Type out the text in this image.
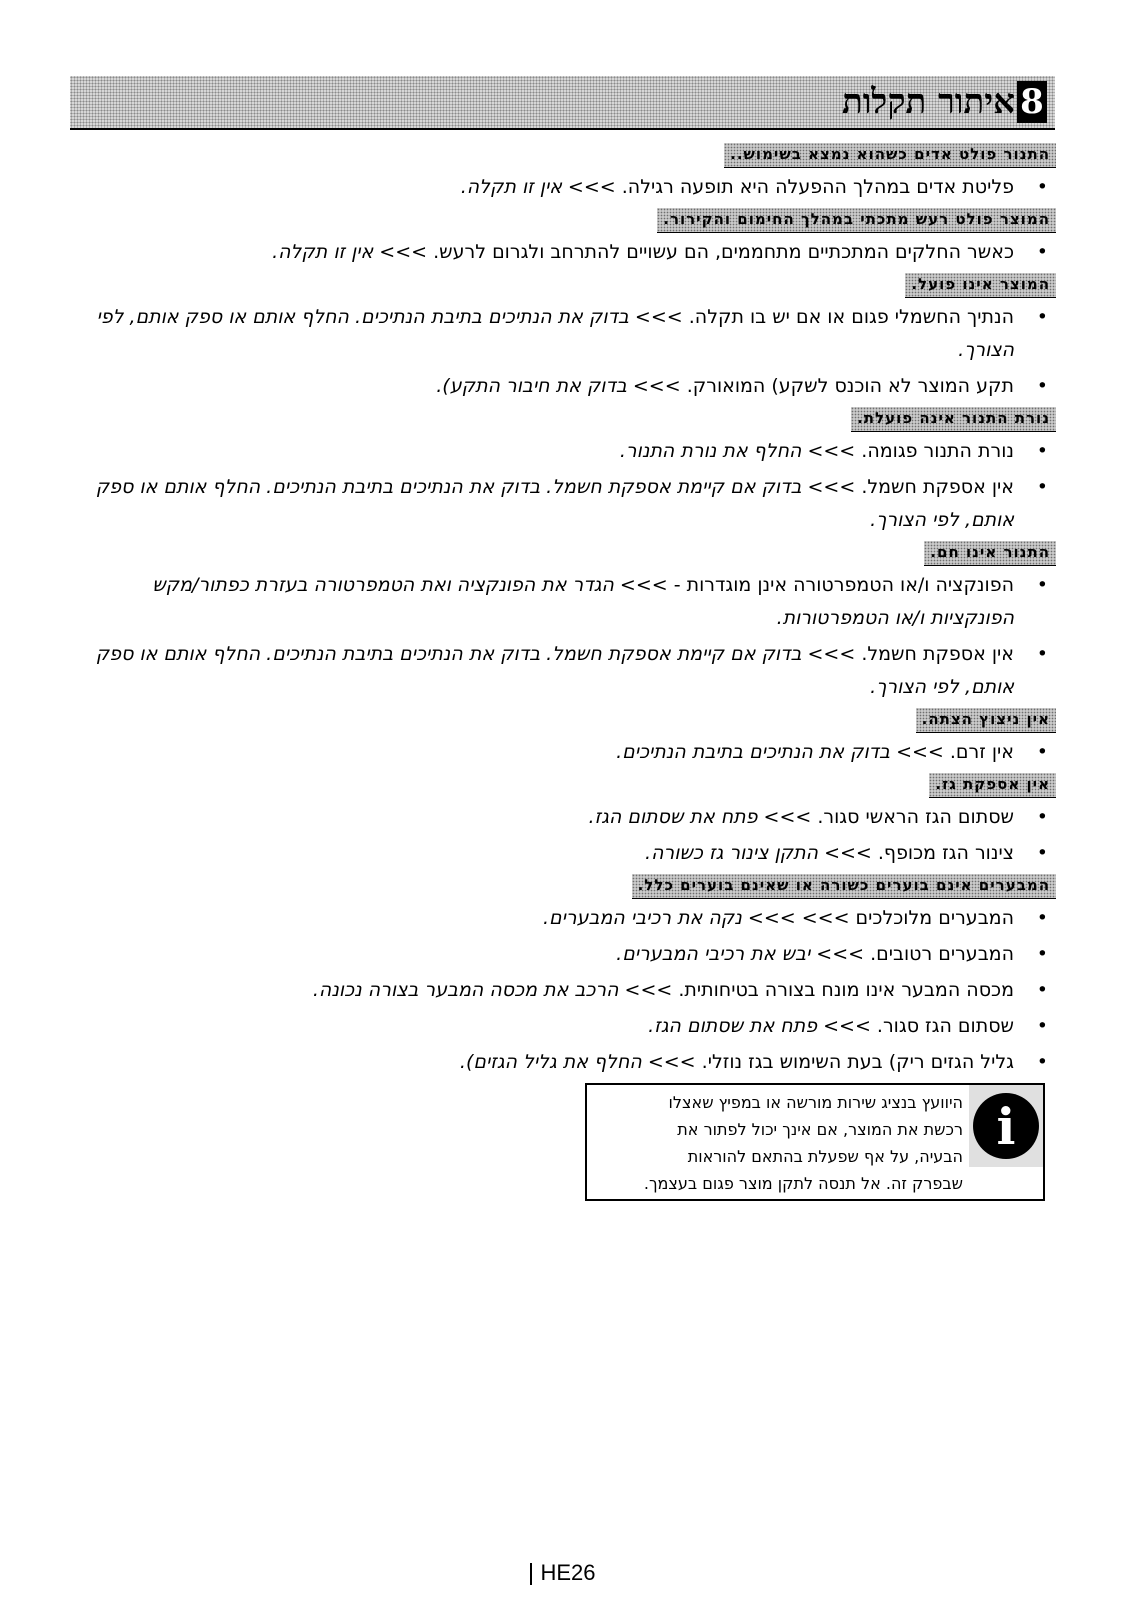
8
איתור תקלות
התנור פולט אדים כשהוא נמצא בשימוש..
•
פליטת אדים במהלך ההפעלה היא תופעה רגילה. >>> אין זו תקלה.
המוצר פולט רעש מתכתי במהלך החימום והקירור.
•
כאשר החלקים המתכתיים מתחממים, הם עשויים להתרחב ולגרום לרעש. >>> אין זו תקלה.
המוצר אינו פועל.
•
הנתיך החשמלי פגום או אם יש בו תקלה. >>> בדוק את הנתיכים בתיבת הנתיכים. החלף אותם או ספק אותם, לפי הצורך.
•
תקע המוצר לא הוכנס לשקע) המואורק. >>> בדוק את חיבור התקע).
נורת התנור אינה פועלת.
•
נורת התנור פגומה. >>> החלף את נורת התנור.
•
אין אספקת חשמל. >>> בדוק אם קיימת אספקת חשמל. בדוק את הנתיכים בתיבת הנתיכים. החלף אותם או ספק אותם, לפי הצורך.
התנור אינו חם.
•
הפונקציה ו/או הטמפרטורה אינן מוגדרות - >>> הגדר את הפונקציה ואת הטמפרטורה בעזרת כפתור/מקש הפונקציות ו/או הטמפרטורות.
•
אין אספקת חשמל. >>> בדוק אם קיימת אספקת חשמל. בדוק את הנתיכים בתיבת הנתיכים. החלף אותם או ספק אותם, לפי הצורך.
אין ניצוץ הצתה.
•
אין זרם. >>> בדוק את הנתיכים בתיבת הנתיכים.
אין אספקת גז.
•
שסתום הגז הראשי סגור. >>> פתח את שסתום הגז.
•
צינור הגז מכופף. >>> התקן צינור גז כשורה.
המבערים אינם בוערים כשורה או שאינם בוערים כלל.
•
המבערים מלוכלכים >>> >>> נקה את רכיבי המבערים.
•
המבערים רטובים. >>> יבש את רכיבי המבערים.
•
מכסה המבער אינו מונח בצורה בטיחותית. >>> הרכב את מכסה המבער בצורה נכונה.
•
שסתום הגז סגור. >>> פתח את שסתום הגז.
•
גליל הגזים ריק) בעת השימוש בגז נוזלי. >>> החלף את גליל הגזים).
i
היוועץ בנציג שירות מורשה או במפיץ שאצלו
רכשת את המוצר, אם אינך יכול לפתור את
הבעיה, על אף שפעלת בהתאם להוראות
שבפרק זה. אל תנסה לתקן מוצר פגום בעצמך.
HE26
